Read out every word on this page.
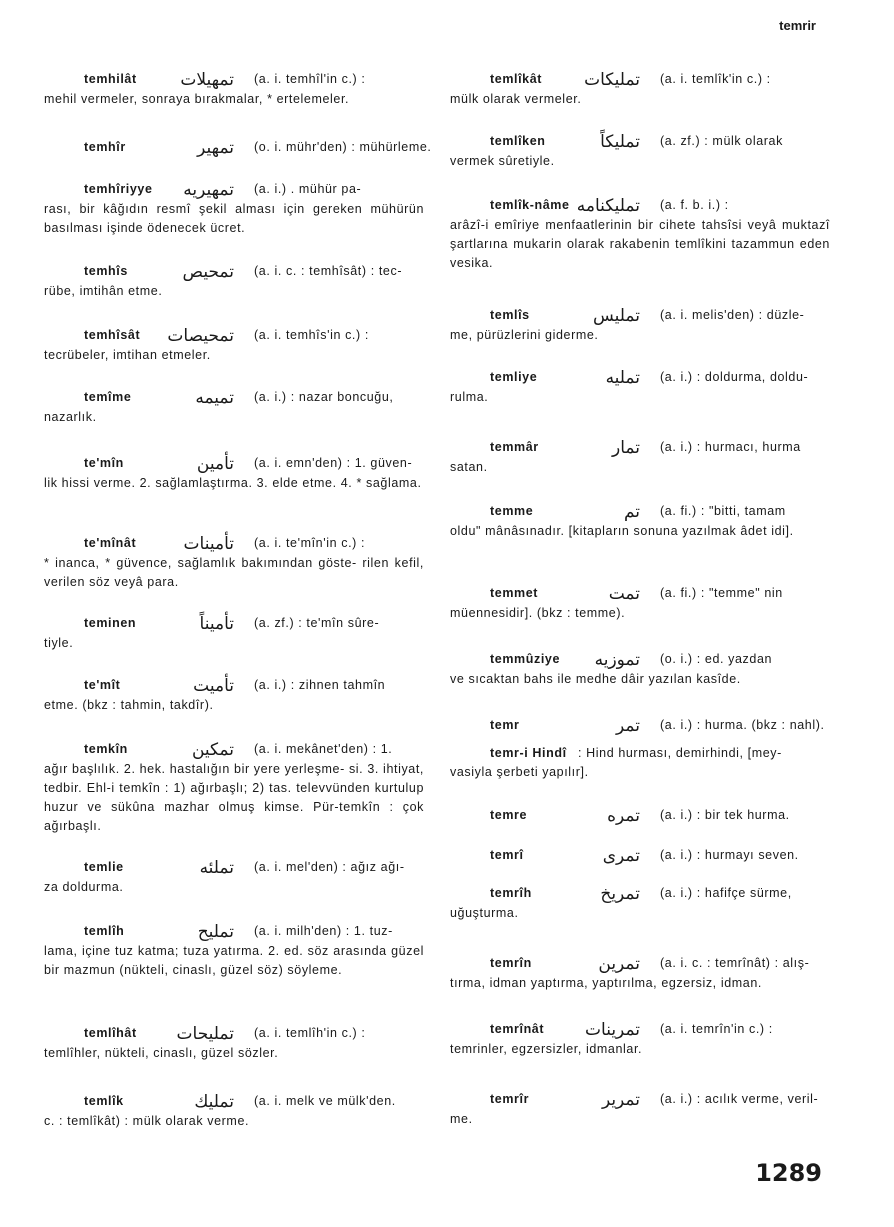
temrir
temhilât	تمهيلات (a. i. temhîl'in c.) :
mehil vermeler, sonraya bırakmalar, * ertelemeler.
temhîr	تمهير (o. i. mühr'den) : mühürleme.
temhîriyye تمهيريه (a. i.) . mühür pa-
rası, bir kâğıdın resmî şekil alması için gereken mühürün basılması işinde ödenecek ücret.
temhîs	تمحيص (a. i. c. : temhîsât) : tec-
rübe, imtihân etme.
temhîsât تمحيصات (a. i. temhîs'in c.) :
tecrübeler, imtihan etmeler.
temîme	تميمه (a. i.) : nazar boncuğu,
nazarlık.
te'mîn	تأمين (a. i. emn'den) : 1. güven-
lik hissi verme. 2. sağlamlaştırma. 3. elde etme. 4. * sağlama.
te'mînât	تأمينات (a. i. te'mîn'in c.) :
* inanca, * güvence, sağlamlık bakımından göste- rilen kefil, verilen söz veyâ para.
teminen	تأميناً (a. zf.) : te'mîn sûre-
tiyle.
te'mît	تأميت (a. i.) : zihnen tahmîn
etme. (bkz : tahmin, takdîr).
temkîn	تمكين (a. i. mekânet'den) : 1.
ağır başlılık. 2. hek. hastalığın bir yere yerleşme- si. 3. ihtiyat, tedbir. Ehl-i temkîn : 1) ağırbaşlı; 2) tas. televvünden kurtulup huzur ve sükûna mazhar olmuş kimse. Pür-temkîn : çok ağırbaşlı.
temlie	تملئه (a. i. mel'den) : ağız ağı-
za doldurma.
temlîh	تمليح (a. i. milh'den) : 1. tuz-
lama, içine tuz katma; tuza yatırma. 2. ed. söz arasında güzel bir mazmun (nükteli, cinaslı, güzel söz) söyleme.
temlîhât تمليحات (a. i. temlîh'in c.) :
temlîhler, nükteli, cinaslı, güzel sözler.
temlîk	تمليك (a. i. melk ve mülk'den.
c. : temlîkât) : mülk olarak verme.
temlîkât تمليكات (a. i. temlîk'in c.) :
mülk olarak vermeler.
temlîken	تمليكاً (a. zf.) : mülk olarak
vermek sûretiyle.
temlîk-nâme تمليكنامه (a. f. b. i.) :
arâzî-i emîriye menfaatlerinin bir cihete tahsîsi veyâ muktazî şartlarına mukarin olarak rakabenin temlîkini tazammun eden vesika.
temlîs	تمليس (a. i. melis'den) : düzle-
me, pürüzlerini giderme.
temliye	تمليه (a. i.) : doldurma, doldu-
rulma.
temmâr	تمار (a. i.) : hurmacı, hurma
satan.
temme	تم (a. fi.) : "bitti, tamam
oldu" mânâsınadır. [kitapların sonuna yazılmak âdet idi].
temmet	تمت (a. fi.) : "temme" nin
müennesidir]. (bkz : temme).
temmûziye تموزيه (o. i.) : ed. yazdan
ve sıcaktan bahs ile medhe dâir yazılan kasîde.
temr	تمر (a. i.) : hurma. (bkz : nahl).
temr-i Hindî : Hind hurması, demirhindi, [mey-
vasiyla şerbeti yapılır].
temre	تمره (a. i.) : bir tek hurma.
temrî	تمرى (a. i.) : hurmayı seven.
temrîh	تمريخ (a. i.) : hafifçe sürme,
uğuşturma.
temrîn	تمرين (a. i. c. : temrînât) : alış-
tırma, idman yaptırma, yaptırılma, egzersiz, idman.
temrînât تمرينات (a. i. temrîn'in c.) :
temrinler, egzersizler, idmanlar.
temrîr	تمرير (a. i.) : acılık verme, veril-
me.
1289
